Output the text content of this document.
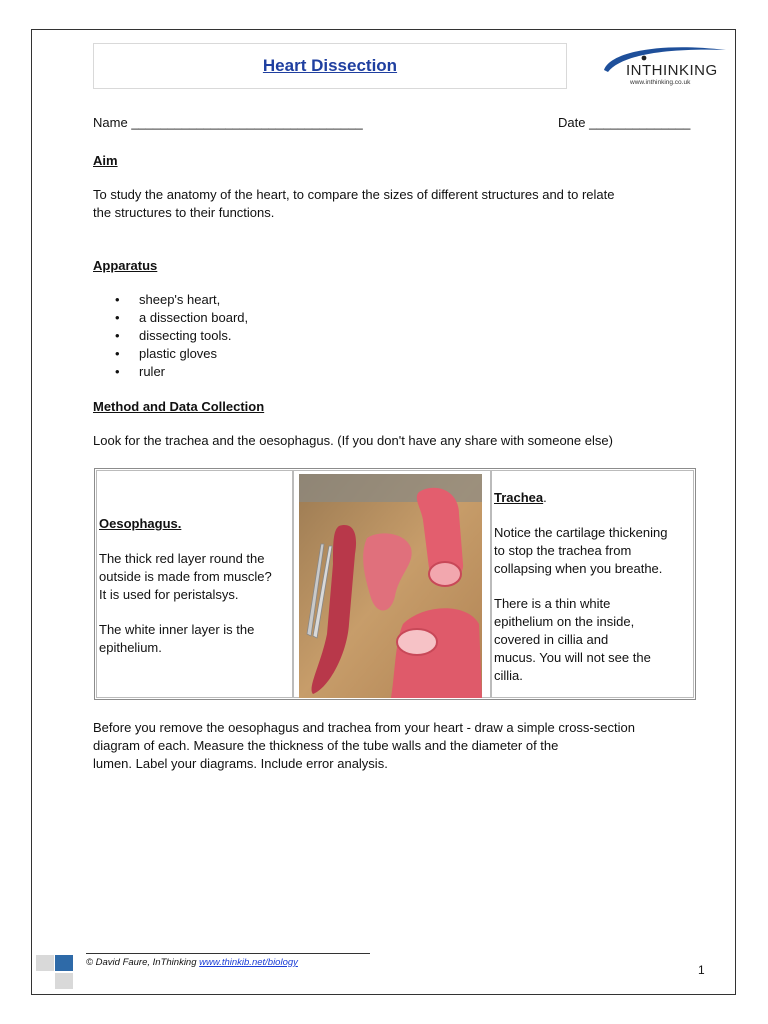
Heart Dissection	INTHINKING
www.inthinking.co.uk
Name ________________________________	Date ______________
Aim
To study the anatomy of the heart, to compare the sizes of different structures and to relate
the structures to their functions.
Apparatus
• sheep's heart,
• a dissection board,
• dissecting tools.
• plastic gloves
• ruler
Method and Data Collection
Look for the trachea and the oesophagus. (If you don't have any share with someone else)

Oesophagus.

The thick red layer round the

outside is made from muscle?

It is used for peristalsys.

The white inner layer is the

epithelium.

Trachea.

Notice the cartilage thickening

to stop the trachea from

collapsing when you breathe.

There is a thin white

epithelium on the inside,

covered in cillia and

mucus. You will not see the

cillia.

Before you remove the oesophagus and trachea from your heart - draw a simple cross-section
diagram of each. Measure the thickness of the tube walls and the diameter of the
lumen. Label your diagrams. Include error analysis.
© David Faure, InThinking www.thinkib.net/biology
1
